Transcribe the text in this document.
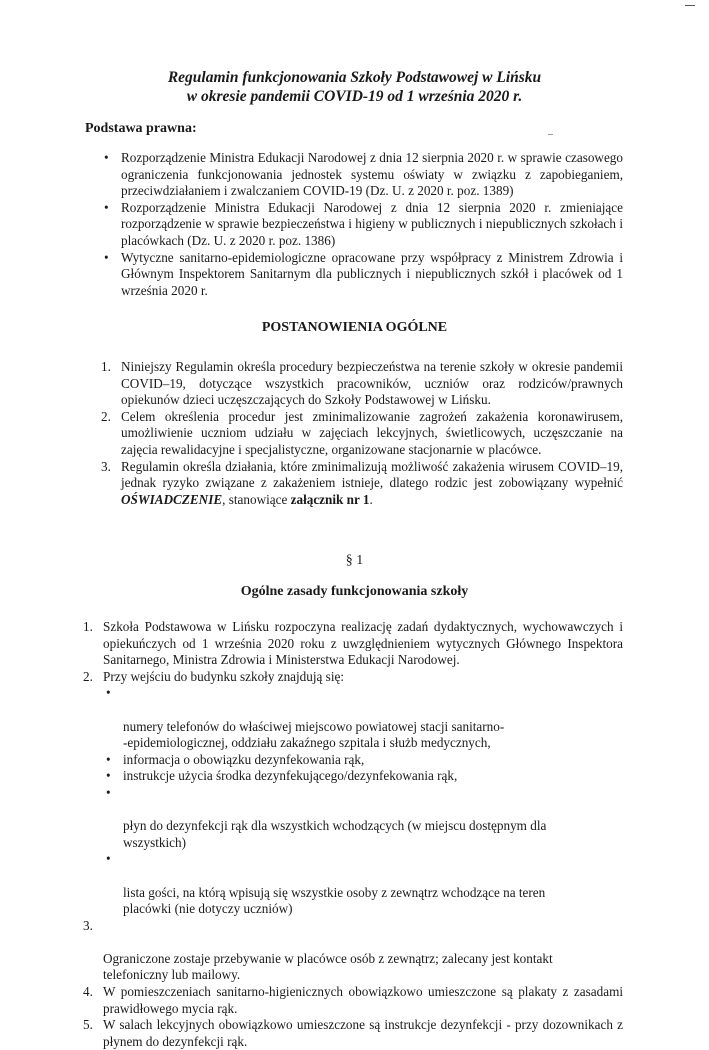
Regulamin funkcjonowania Szkoły Podstawowej w Lińsku
w okresie pandemii COVID-19 od 1 września 2020 r.
Podstawa prawna:
• Rozporządzenie Ministra Edukacji Narodowej z dnia 12 sierpnia 2020 r. w sprawie czasowego ograniczenia funkcjonowania jednostek systemu oświaty w związku z zapobieganiem, przeciwdziałaniem i zwalczaniem COVID-19 (Dz. U. z 2020 r. poz. 1389)
• Rozporządzenie Ministra Edukacji Narodowej z dnia 12 sierpnia 2020 r. zmieniające rozporządzenie w sprawie bezpieczeństwa i higieny w publicznych i niepublicznych szkołach i placówkach (Dz. U. z 2020 r. poz. 1386)
• Wytyczne sanitarno-epidemiologiczne opracowane przy współpracy z Ministrem Zdrowia i Głównym Inspektorem Sanitarnym dla publicznych i niepublicznych szkół i placówek od 1 września 2020 r.
POSTANOWIENIA OGÓLNE
1. Niniejszy Regulamin określa procedury bezpieczeństwa na terenie szkoły w okresie pandemii COVID–19, dotyczące wszystkich pracowników, uczniów oraz rodziców/prawnych opiekunów dzieci uczęszczających do Szkoły Podstawowej w Lińsku.
2. Celem określenia procedur jest zminimalizowanie zagrożeń zakażenia koronawirusem, umożliwienie uczniom udziału w zajęciach lekcyjnych, świetlicowych, uczęszczanie na zajęcia rewalidacyjne i specjalistyczne, organizowane stacjonarnie w placówce.
3. Regulamin określa działania, które zminimalizują możliwość zakażenia wirusem COVID–19, jednak ryzyko związane z zakażeniem istnieje, dlatego rodzic jest zobowiązany wypełnić OŚWIADCZENIE, stanowiące załącznik nr 1.
§ 1
Ogólne zasady funkcjonowania szkoły
1. Szkoła Podstawowa w Lińsku rozpoczyna realizację zadań dydaktycznych, wychowawczych i opiekuńczych od 1 września 2020 roku z uwzględnieniem wytycznych Głównego Inspektora Sanitarnego, Ministra Zdrowia i Ministerstwa Edukacji Narodowej.
2. Przy wejściu do budynku szkoły znajdują się:

•

numery telefonów do właściwej miejscowo powiatowej stacji sanitarno-
-epidemiologicznej, oddziału zakaźnego szpitala i służb medycznych,

• informacja o obowiązku dezynfekowania rąk,
• instrukcje użycia środka dezynfekującego/dezynfekowania rąk,

•

płyn do dezynfekcji rąk dla wszystkich wchodzących (w miejscu dostępnym dla
wszystkich)

•

lista gości, na którą wpisują się wszystkie osoby z zewnątrz wchodzące na teren
placówki (nie dotyczy uczniów)

3.

Ograniczone zostaje przebywanie w placówce osób z zewnątrz; zalecany jest kontakt
telefoniczny lub mailowy.

4. W pomieszczeniach sanitarno-higienicznych obowiązkowo umieszczone są plakaty z zasadami prawidłowego mycia rąk.
5. W salach lekcyjnych obowiązkowo umieszczone są instrukcje dezynfekcji - przy dozownikach z płynem do dezynfekcji rąk.
